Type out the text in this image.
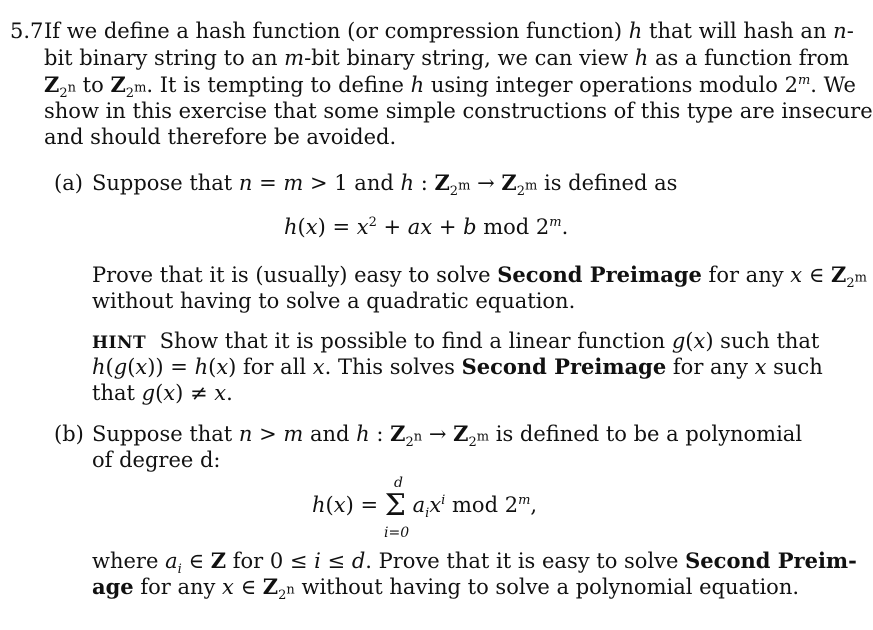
5.7 If we define a hash function (or compression function) h that will hash an n-
bit binary string to an m-bit binary string, we can view h as a function from
$Z_{2^n}$ to $Z_{2^m}$. It is tempting to define h using integer operations modulo 2$^m$. We
show in this exercise that some simple constructions of this type are insecure
and should therefore be avoided.
(a) Suppose that n = m > 1 and h : $Z_{2^m} \to Z_{2^m}$ is defined as
$h(x) = x^2$ + ax + b mod 2$^m$.
Prove that it is (usually) easy to solve Second Preimage for any x ∈ $Z_{2^m}$
without having to solve a quadratic equation.
HINT Show that it is possible to find a linear function g(x) such that
h(g(x)) = h(x) for all x. This solves Second Preimage for any x such
that g(x) ≠ x.
(b) Suppose that n > m and h : $Z_{2^n} \to Z_{2^m}$ is defined to be a polynomial
of degree d:
h(x) = Σ $a_ix^i$ mod 2$^m$,
d
i=0
where $a_i$ ∈ Z for 0 ≤ i ≤ d. Prove that it is easy to solve Second Preim-
age for any x ∈ $Z_{2^n}$ without having to solve a polynomial equation.
